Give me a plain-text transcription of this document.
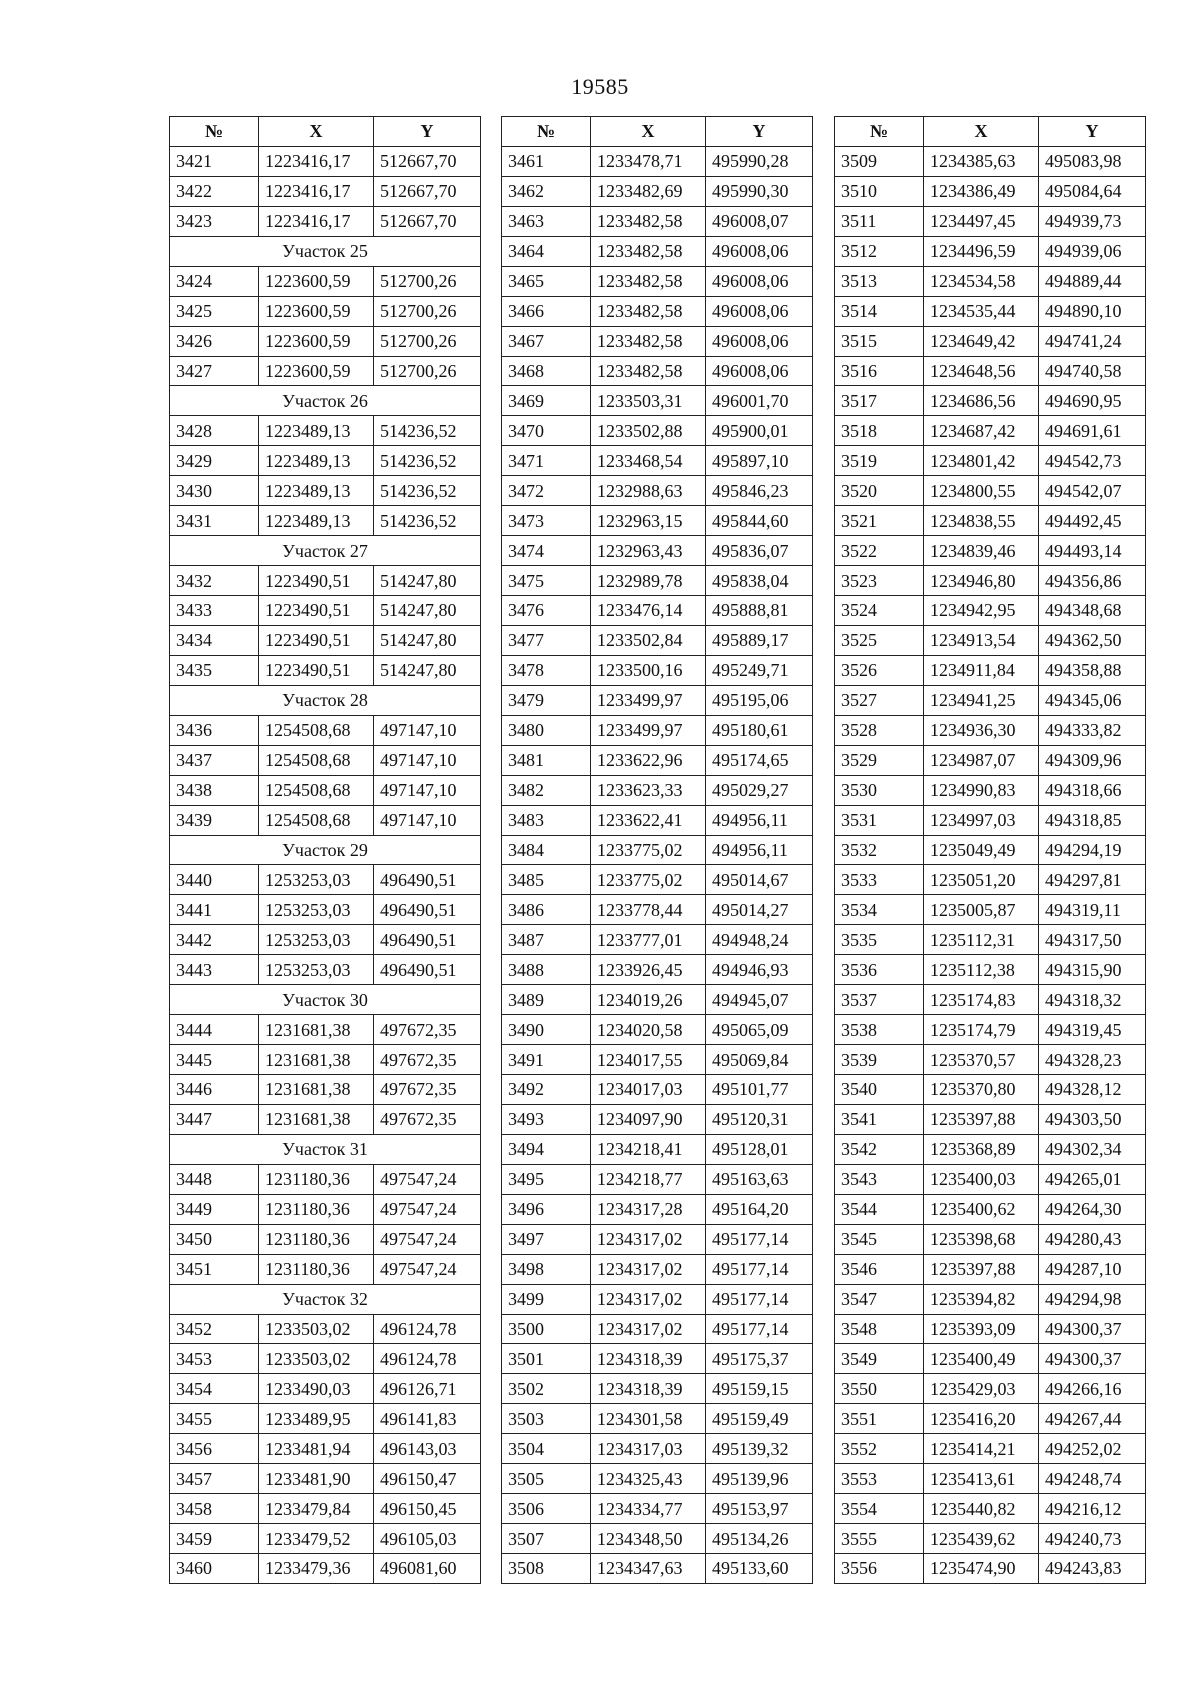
19585
№	X	Y
3421	1223416,17	512667,70
3422	1223416,17	512667,70
3423	1223416,17	512667,70
Участок 25		
3424	1223600,59	512700,26
3425	1223600,59	512700,26
3426	1223600,59	512700,26
3427	1223600,59	512700,26
Участок 26		
3428	1223489,13	514236,52
3429	1223489,13	514236,52
3430	1223489,13	514236,52
3431	1223489,13	514236,52
Участок 27		
3432	1223490,51	514247,80
3433	1223490,51	514247,80
3434	1223490,51	514247,80
3435	1223490,51	514247,80
Участок 28		
3436	1254508,68	497147,10
3437	1254508,68	497147,10
3438	1254508,68	497147,10
3439	1254508,68	497147,10
Участок 29		
3440	1253253,03	496490,51
3441	1253253,03	496490,51
3442	1253253,03	496490,51
3443	1253253,03	496490,51
Участок 30		
3444	1231681,38	497672,35
3445	1231681,38	497672,35
3446	1231681,38	497672,35
3447	1231681,38	497672,35
Участок 31		
3448	1231180,36	497547,24
3449	1231180,36	497547,24
3450	1231180,36	497547,24
3451	1231180,36	497547,24
Участок 32		
3452	1233503,02	496124,78
3453	1233503,02	496124,78
3454	1233490,03	496126,71
3455	1233489,95	496141,83
3456	1233481,94	496143,03
3457	1233481,90	496150,47
3458	1233479,84	496150,45
3459	1233479,52	496105,03
3460	1233479,36	496081,60
№	X	Y
3461	1233478,71	495990,28
3462	1233482,69	495990,30
3463	1233482,58	496008,07
3464	1233482,58	496008,06
3465	1233482,58	496008,06
3466	1233482,58	496008,06
3467	1233482,58	496008,06
3468	1233482,58	496008,06
3469	1233503,31	496001,70
3470	1233502,88	495900,01
3471	1233468,54	495897,10
3472	1232988,63	495846,23
3473	1232963,15	495844,60
3474	1232963,43	495836,07
3475	1232989,78	495838,04
3476	1233476,14	495888,81
3477	1233502,84	495889,17
3478	1233500,16	495249,71
3479	1233499,97	495195,06
3480	1233499,97	495180,61
3481	1233622,96	495174,65
3482	1233623,33	495029,27
3483	1233622,41	494956,11
3484	1233775,02	494956,11
3485	1233775,02	495014,67
3486	1233778,44	495014,27
3487	1233777,01	494948,24
3488	1233926,45	494946,93
3489	1234019,26	494945,07
3490	1234020,58	495065,09
3491	1234017,55	495069,84
3492	1234017,03	495101,77
3493	1234097,90	495120,31
3494	1234218,41	495128,01
3495	1234218,77	495163,63
3496	1234317,28	495164,20
3497	1234317,02	495177,14
3498	1234317,02	495177,14
3499	1234317,02	495177,14
3500	1234317,02	495177,14
3501	1234318,39	495175,37
3502	1234318,39	495159,15
3503	1234301,58	495159,49
3504	1234317,03	495139,32
3505	1234325,43	495139,96
3506	1234334,77	495153,97
3507	1234348,50	495134,26
3508	1234347,63	495133,60
№	X	Y
3509	1234385,63	495083,98
3510	1234386,49	495084,64
3511	1234497,45	494939,73
3512	1234496,59	494939,06
3513	1234534,58	494889,44
3514	1234535,44	494890,10
3515	1234649,42	494741,24
3516	1234648,56	494740,58
3517	1234686,56	494690,95
3518	1234687,42	494691,61
3519	1234801,42	494542,73
3520	1234800,55	494542,07
3521	1234838,55	494492,45
3522	1234839,46	494493,14
3523	1234946,80	494356,86
3524	1234942,95	494348,68
3525	1234913,54	494362,50
3526	1234911,84	494358,88
3527	1234941,25	494345,06
3528	1234936,30	494333,82
3529	1234987,07	494309,96
3530	1234990,83	494318,66
3531	1234997,03	494318,85
3532	1235049,49	494294,19
3533	1235051,20	494297,81
3534	1235005,87	494319,11
3535	1235112,31	494317,50
3536	1235112,38	494315,90
3537	1235174,83	494318,32
3538	1235174,79	494319,45
3539	1235370,57	494328,23
3540	1235370,80	494328,12
3541	1235397,88	494303,50
3542	1235368,89	494302,34
3543	1235400,03	494265,01
3544	1235400,62	494264,30
3545	1235398,68	494280,43
3546	1235397,88	494287,10
3547	1235394,82	494294,98
3548	1235393,09	494300,37
3549	1235400,49	494300,37
3550	1235429,03	494266,16
3551	1235416,20	494267,44
3552	1235414,21	494252,02
3553	1235413,61	494248,74
3554	1235440,82	494216,12
3555	1235439,62	494240,73
3556	1235474,90	494243,83
